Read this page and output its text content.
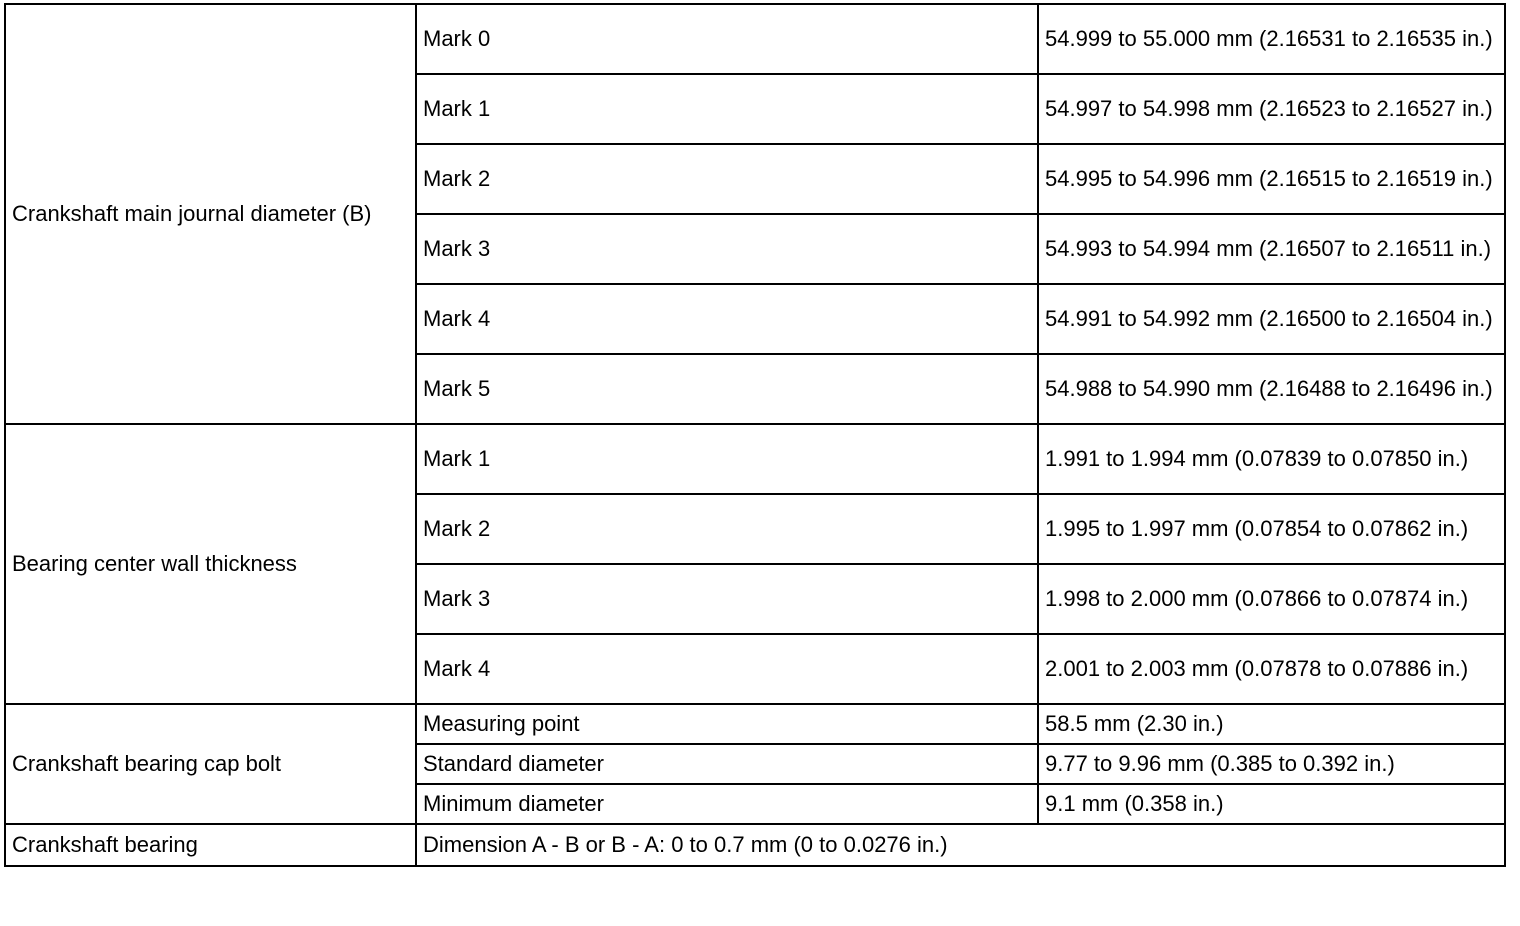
Crankshaft main journal diameter (B)	Mark 0	54.999 to 55.000 mm (2.16531 to 2.16535 in.)
	Mark 1	54.997 to 54.998 mm (2.16523 to 2.16527 in.)
	Mark 2	54.995 to 54.996 mm (2.16515 to 2.16519 in.)
	Mark 3	54.993 to 54.994 mm (2.16507 to 2.16511 in.)
	Mark 4	54.991 to 54.992 mm (2.16500 to 2.16504 in.)
	Mark 5	54.988 to 54.990 mm (2.16488 to 2.16496 in.)
Bearing center wall thickness	Mark 1	1.991 to 1.994 mm (0.07839 to 0.07850 in.)
	Mark 2	1.995 to 1.997 mm (0.07854 to 0.07862 in.)
	Mark 3	1.998 to 2.000 mm (0.07866 to 0.07874 in.)
	Mark 4	2.001 to 2.003 mm (0.07878 to 0.07886 in.)
Crankshaft bearing cap bolt	Measuring point	58.5 mm (2.30 in.)
	Standard diameter	9.77 to 9.96 mm (0.385 to 0.392 in.)
	Minimum diameter	9.1 mm (0.358 in.)
Crankshaft bearing	Dimension A - B or B - A: 0 to 0.7 mm (0 to 0.0276 in.)	
